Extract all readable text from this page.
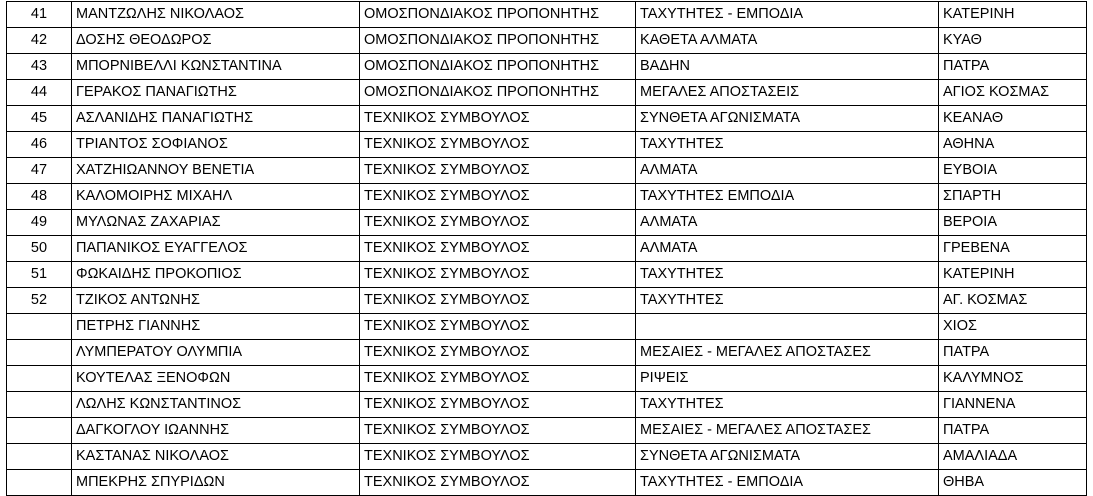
41	ΜΑΝΤΖΩΛΗΣ ΝΙΚΟΛΑΟΣ	ΟΜΟΣΠΟΝΔΙΑΚΟΣ ΠΡΟΠΟΝΗΤΗΣ	ΤΑΧΥΤΗΤΕΣ - ΕΜΠΟΔΙΑ	ΚΑΤΕΡΙΝΗ
42	ΔΟΣΗΣ ΘΕΟΔΩΡΟΣ	ΟΜΟΣΠΟΝΔΙΑΚΟΣ ΠΡΟΠΟΝΗΤΗΣ	ΚΑΘΕΤΑ ΑΛΜΑΤΑ	ΚΥΑΘ
43	ΜΠΟΡΝΙΒΕΛΛΙ ΚΩΝΣΤΑΝΤΙΝΑ	ΟΜΟΣΠΟΝΔΙΑΚΟΣ ΠΡΟΠΟΝΗΤΗΣ	ΒΑΔΗΝ	ΠΑΤΡΑ
44	ΓΕΡΑΚΟΣ ΠΑΝΑΓΙΩΤΗΣ	ΟΜΟΣΠΟΝΔΙΑΚΟΣ ΠΡΟΠΟΝΗΤΗΣ	ΜΕΓΑΛΕΣ ΑΠΟΣΤΑΣΕΙΣ	ΑΓΙΟΣ ΚΟΣΜΑΣ
45	ΑΣΛΑΝΙΔΗΣ ΠΑΝΑΓΙΩΤΗΣ	ΤΕΧΝΙΚΟΣ ΣΥΜΒΟΥΛΟΣ	ΣΥΝΘΕΤΑ ΑΓΩΝΙΣΜΑΤΑ	ΚΕΑΝΑΘ
46	ΤΡΙΑΝΤΟΣ ΣΟΦΙΑΝΟΣ	ΤΕΧΝΙΚΟΣ ΣΥΜΒΟΥΛΟΣ	ΤΑΧΥΤΗΤΕΣ	ΑΘΗΝΑ
47	ΧΑΤΖΗΙΩΑΝΝΟΥ ΒΕΝΕΤΙΑ	ΤΕΧΝΙΚΟΣ ΣΥΜΒΟΥΛΟΣ	ΑΛΜΑΤΑ	ΕΥΒΟΙΑ
48	ΚΑΛΟΜΟΙΡΗΣ ΜΙΧΑΗΛ	ΤΕΧΝΙΚΟΣ ΣΥΜΒΟΥΛΟΣ	ΤΑΧΥΤΗΤΕΣ ΕΜΠΟΔΙΑ	ΣΠΑΡΤΗ
49	ΜΥΛΩΝΑΣ ΖΑΧΑΡΙΑΣ	ΤΕΧΝΙΚΟΣ ΣΥΜΒΟΥΛΟΣ	ΑΛΜΑΤΑ	ΒΕΡΟΙΑ
50	ΠΑΠΑΝΙΚΟΣ ΕΥΑΓΓΕΛΟΣ	ΤΕΧΝΙΚΟΣ ΣΥΜΒΟΥΛΟΣ	ΑΛΜΑΤΑ	ΓΡΕΒΕΝΑ
51	ΦΩΚΑΙΔΗΣ ΠΡΟΚΟΠΙΟΣ	ΤΕΧΝΙΚΟΣ ΣΥΜΒΟΥΛΟΣ	ΤΑΧΥΤΗΤΕΣ	ΚΑΤΕΡΙΝΗ
52	ΤΖΙΚΟΣ ΑΝΤΩΝΗΣ	ΤΕΧΝΙΚΟΣ ΣΥΜΒΟΥΛΟΣ	ΤΑΧΥΤΗΤΕΣ	ΑΓ. ΚΟΣΜΑΣ
	ΠΕΤΡΗΣ ΓΙΑΝΝΗΣ	ΤΕΧΝΙΚΟΣ ΣΥΜΒΟΥΛΟΣ		ΧΙΟΣ
	ΛΥΜΠΕΡΑΤΟΥ ΟΛΥΜΠΙΑ	ΤΕΧΝΙΚΟΣ ΣΥΜΒΟΥΛΟΣ	ΜΕΣΑΙΕΣ - ΜΕΓΑΛΕΣ ΑΠΟΣΤΑΣΕΣ	ΠΑΤΡΑ
	ΚΟΥΤΕΛΑΣ ΞΕΝΟΦΩΝ	ΤΕΧΝΙΚΟΣ ΣΥΜΒΟΥΛΟΣ	ΡΙΨΕΙΣ	ΚΑΛΥΜΝΟΣ
	ΛΩΛΗΣ ΚΩΝΣΤΑΝΤΙΝΟΣ	ΤΕΧΝΙΚΟΣ ΣΥΜΒΟΥΛΟΣ	ΤΑΧΥΤΗΤΕΣ	ΓΙΑΝΝΕΝΑ
	ΔΑΓΚΟΓΛΟΥ ΙΩΑΝΝΗΣ	ΤΕΧΝΙΚΟΣ ΣΥΜΒΟΥΛΟΣ	ΜΕΣΑΙΕΣ - ΜΕΓΑΛΕΣ ΑΠΟΣΤΑΣΕΣ	ΠΑΤΡΑ
	ΚΑΣΤΑΝΑΣ ΝΙΚΟΛΑΟΣ	ΤΕΧΝΙΚΟΣ ΣΥΜΒΟΥΛΟΣ	ΣΥΝΘΕΤΑ ΑΓΩΝΙΣΜΑΤΑ	ΑΜΑΛΙΑΔΑ
	ΜΠΕΚΡΗΣ ΣΠΥΡΙΔΩΝ	ΤΕΧΝΙΚΟΣ ΣΥΜΒΟΥΛΟΣ	ΤΑΧΥΤΗΤΕΣ - ΕΜΠΟΔΙΑ	ΘΗΒΑ
